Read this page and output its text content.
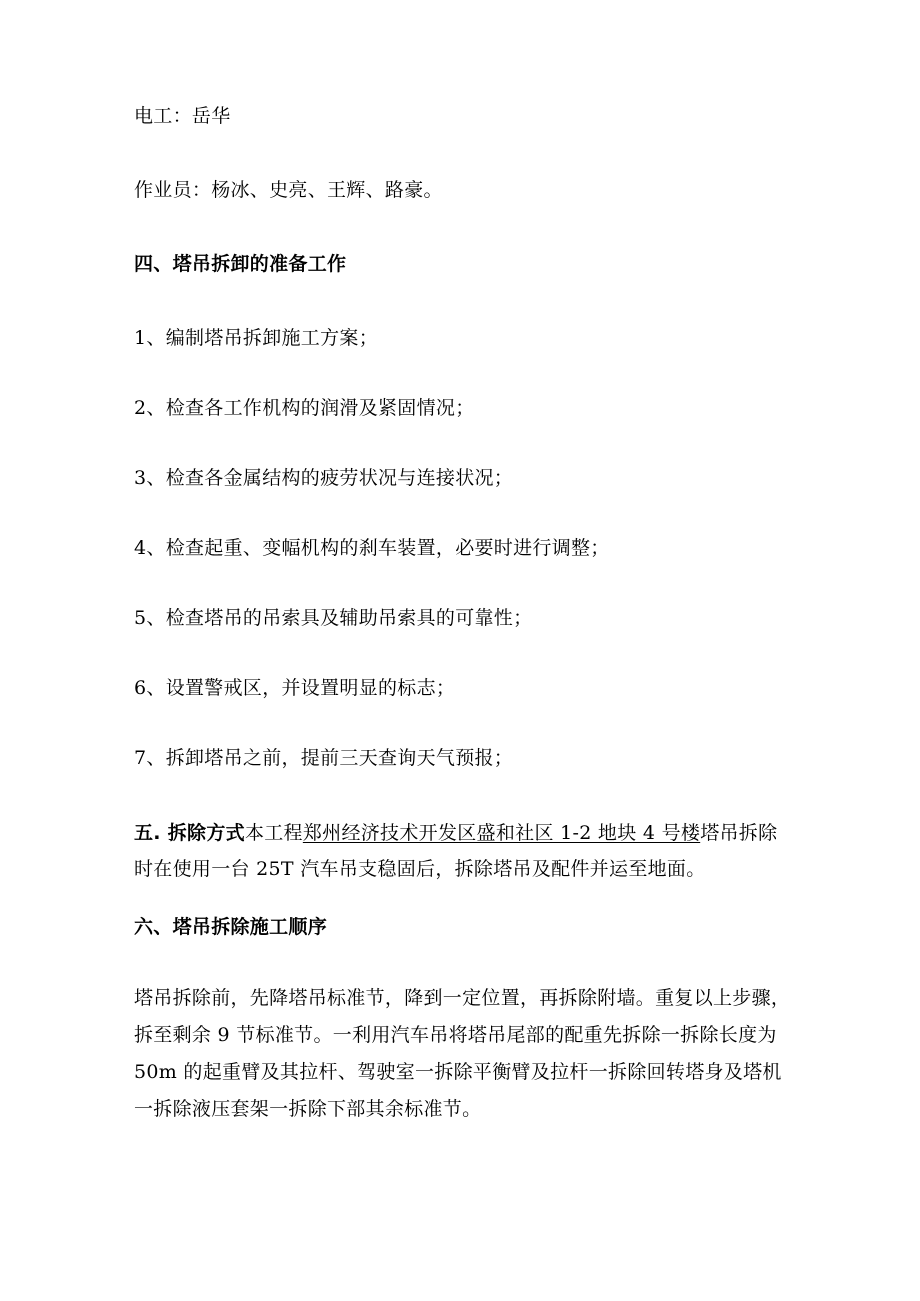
电工：岳华
作业员：杨冰、史亮、王辉、路豪。
四、塔吊拆卸的准备工作
1、编制塔吊拆卸施工方案；
2、检查各工作机构的润滑及紧固情况；
3、检查各金属结构的疲劳状况与连接状况；
4、检查起重、变幅机构的刹车装置，必要时进行调整；
5、检查塔吊的吊索具及辅助吊索具的可靠性；
6、设置警戒区，并设置明显的标志；
7、拆卸塔吊之前，提前三天查询天气预报；
五. 拆除方式本工程郑州经济技术开发区盛和社区 1-2 地块 4 号楼塔吊拆除时在使用一台 25T 汽车吊支稳固后，拆除塔吊及配件并运至地面。
六、塔吊拆除施工顺序
塔吊拆除前，先降塔吊标准节，降到一定位置，再拆除附墙。重复以上步骤，拆至剩余 9 节标准节。一利用汽车吊将塔吊尾部的配重先拆除一拆除长度为 50m 的起重臂及其拉杆、驾驶室一拆除平衡臂及拉杆一拆除回转塔身及塔机一拆除液压套架一拆除下部其余标准节。
